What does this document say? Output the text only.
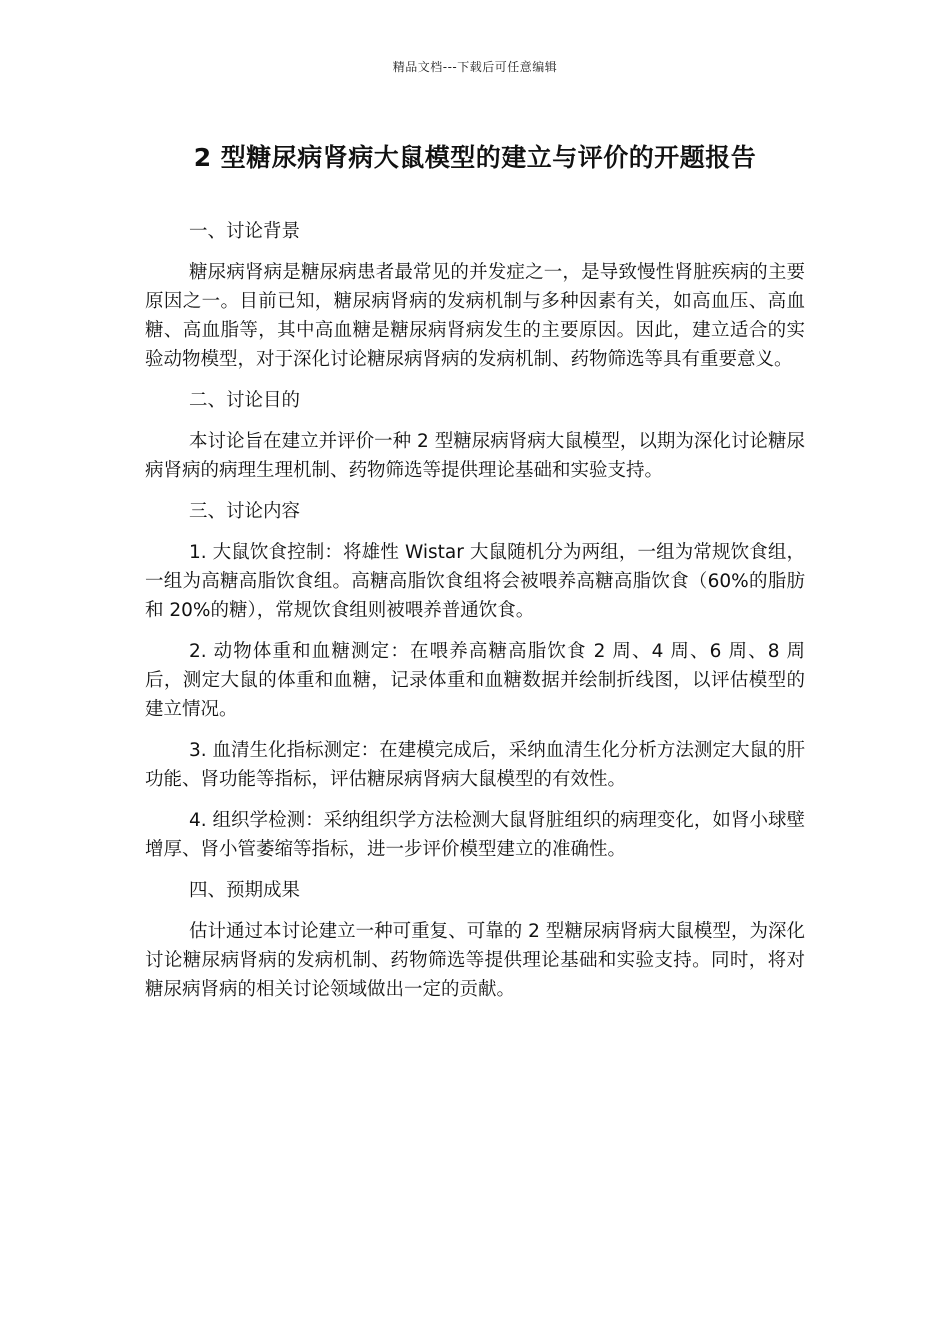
精品文档---下载后可任意编辑
2 型糖尿病肾病大鼠模型的建立与评价的开题报告

一、讨论背景

糖尿病肾病是糖尿病患者最常见的并发症之一，是导致慢性肾脏疾病的主要原因之一。目前已知，糖尿病肾病的发病机制与多种因素有关，如高血压、高血糖、高血脂等，其中高血糖是糖尿病肾病发生的主要原因。因此，建立适合的实验动物模型，对于深化讨论糖尿病肾病的发病机制、药物筛选等具有重要意义。

二、讨论目的

本讨论旨在建立并评价一种 2 型糖尿病肾病大鼠模型，以期为深化讨论糖尿病肾病的病理生理机制、药物筛选等提供理论基础和实验支持。

三、讨论内容

1. 大鼠饮食控制：将雄性 Wistar 大鼠随机分为两组，一组为常规饮食组，一组为高糖高脂饮食组。高糖高脂饮食组将会被喂养高糖高脂饮食（60%的脂肪和 20%的糖），常规饮食组则被喂养普通饮食。

2. 动物体重和血糖测定：在喂养高糖高脂饮食 2 周、4 周、6 周、8 周后，测定大鼠的体重和血糖，记录体重和血糖数据并绘制折线图，以评估模型的建立情况。

3. 血清生化指标测定：在建模完成后，采纳血清生化分析方法测定大鼠的肝功能、肾功能等指标，评估糖尿病肾病大鼠模型的有效性。

4. 组织学检测：采纳组织学方法检测大鼠肾脏组织的病理变化，如肾小球壁增厚、肾小管萎缩等指标，进一步评价模型建立的准确性。

四、预期成果

估计通过本讨论建立一种可重复、可靠的 2 型糖尿病肾病大鼠模型，为深化讨论糖尿病肾病的发病机制、药物筛选等提供理论基础和实验支持。同时，将对糖尿病肾病的相关讨论领域做出一定的贡献。
